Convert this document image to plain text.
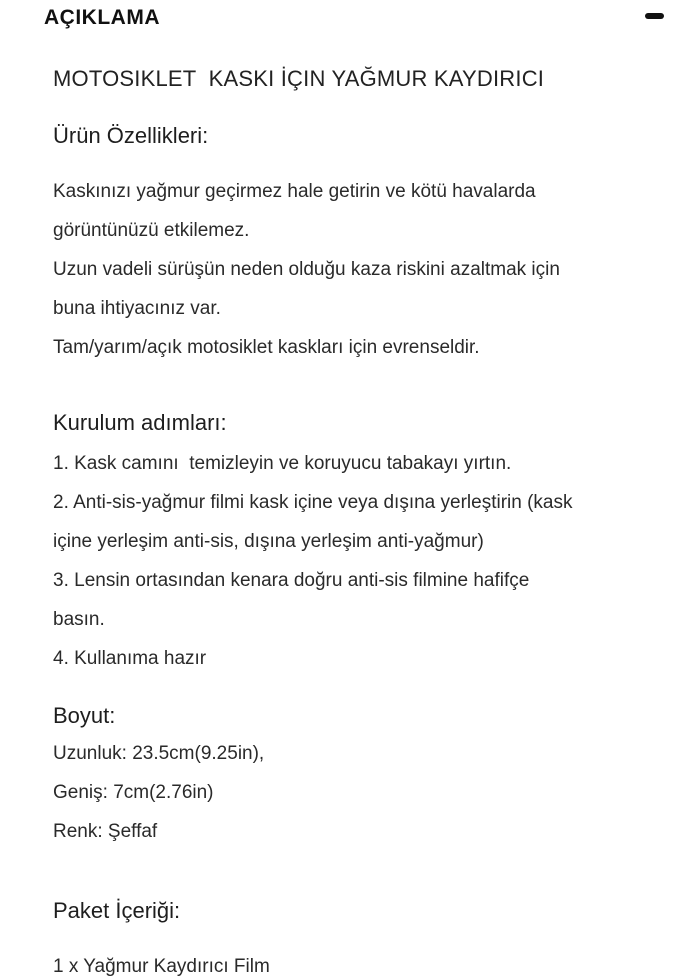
AÇIKLAMA
MOTOSIKLET  KASKI İÇIN YAĞMUR KAYDIRICI
Ürün Özellikleri:
Kaskınızı yağmur geçirmez hale getirin ve kötü havalarda
görüntünüzü etkilemez.
Uzun vadeli sürüşün neden olduğu kaza riskini azaltmak için
buna ihtiyacınız var.
Tam/yarım/açık motosiklet kaskları için evrenseldir.
Kurulum adımları:
1. Kask camını  temizleyin ve koruyucu tabakayı yırtın.
2. Anti-sis-yağmur filmi kask içine veya dışına yerleştirin (kask
içine yerleşim anti-sis, dışına yerleşim anti-yağmur)
3. Lensin ortasından kenara doğru anti-sis filmine hafifçe
basın.
4. Kullanıma hazır
Boyut:
Uzunluk: 23.5cm(9.25in),
Geniş: 7cm(2.76in)
Renk: Şeffaf
Paket İçeriği:
1 x Yağmur Kaydırıcı Film
